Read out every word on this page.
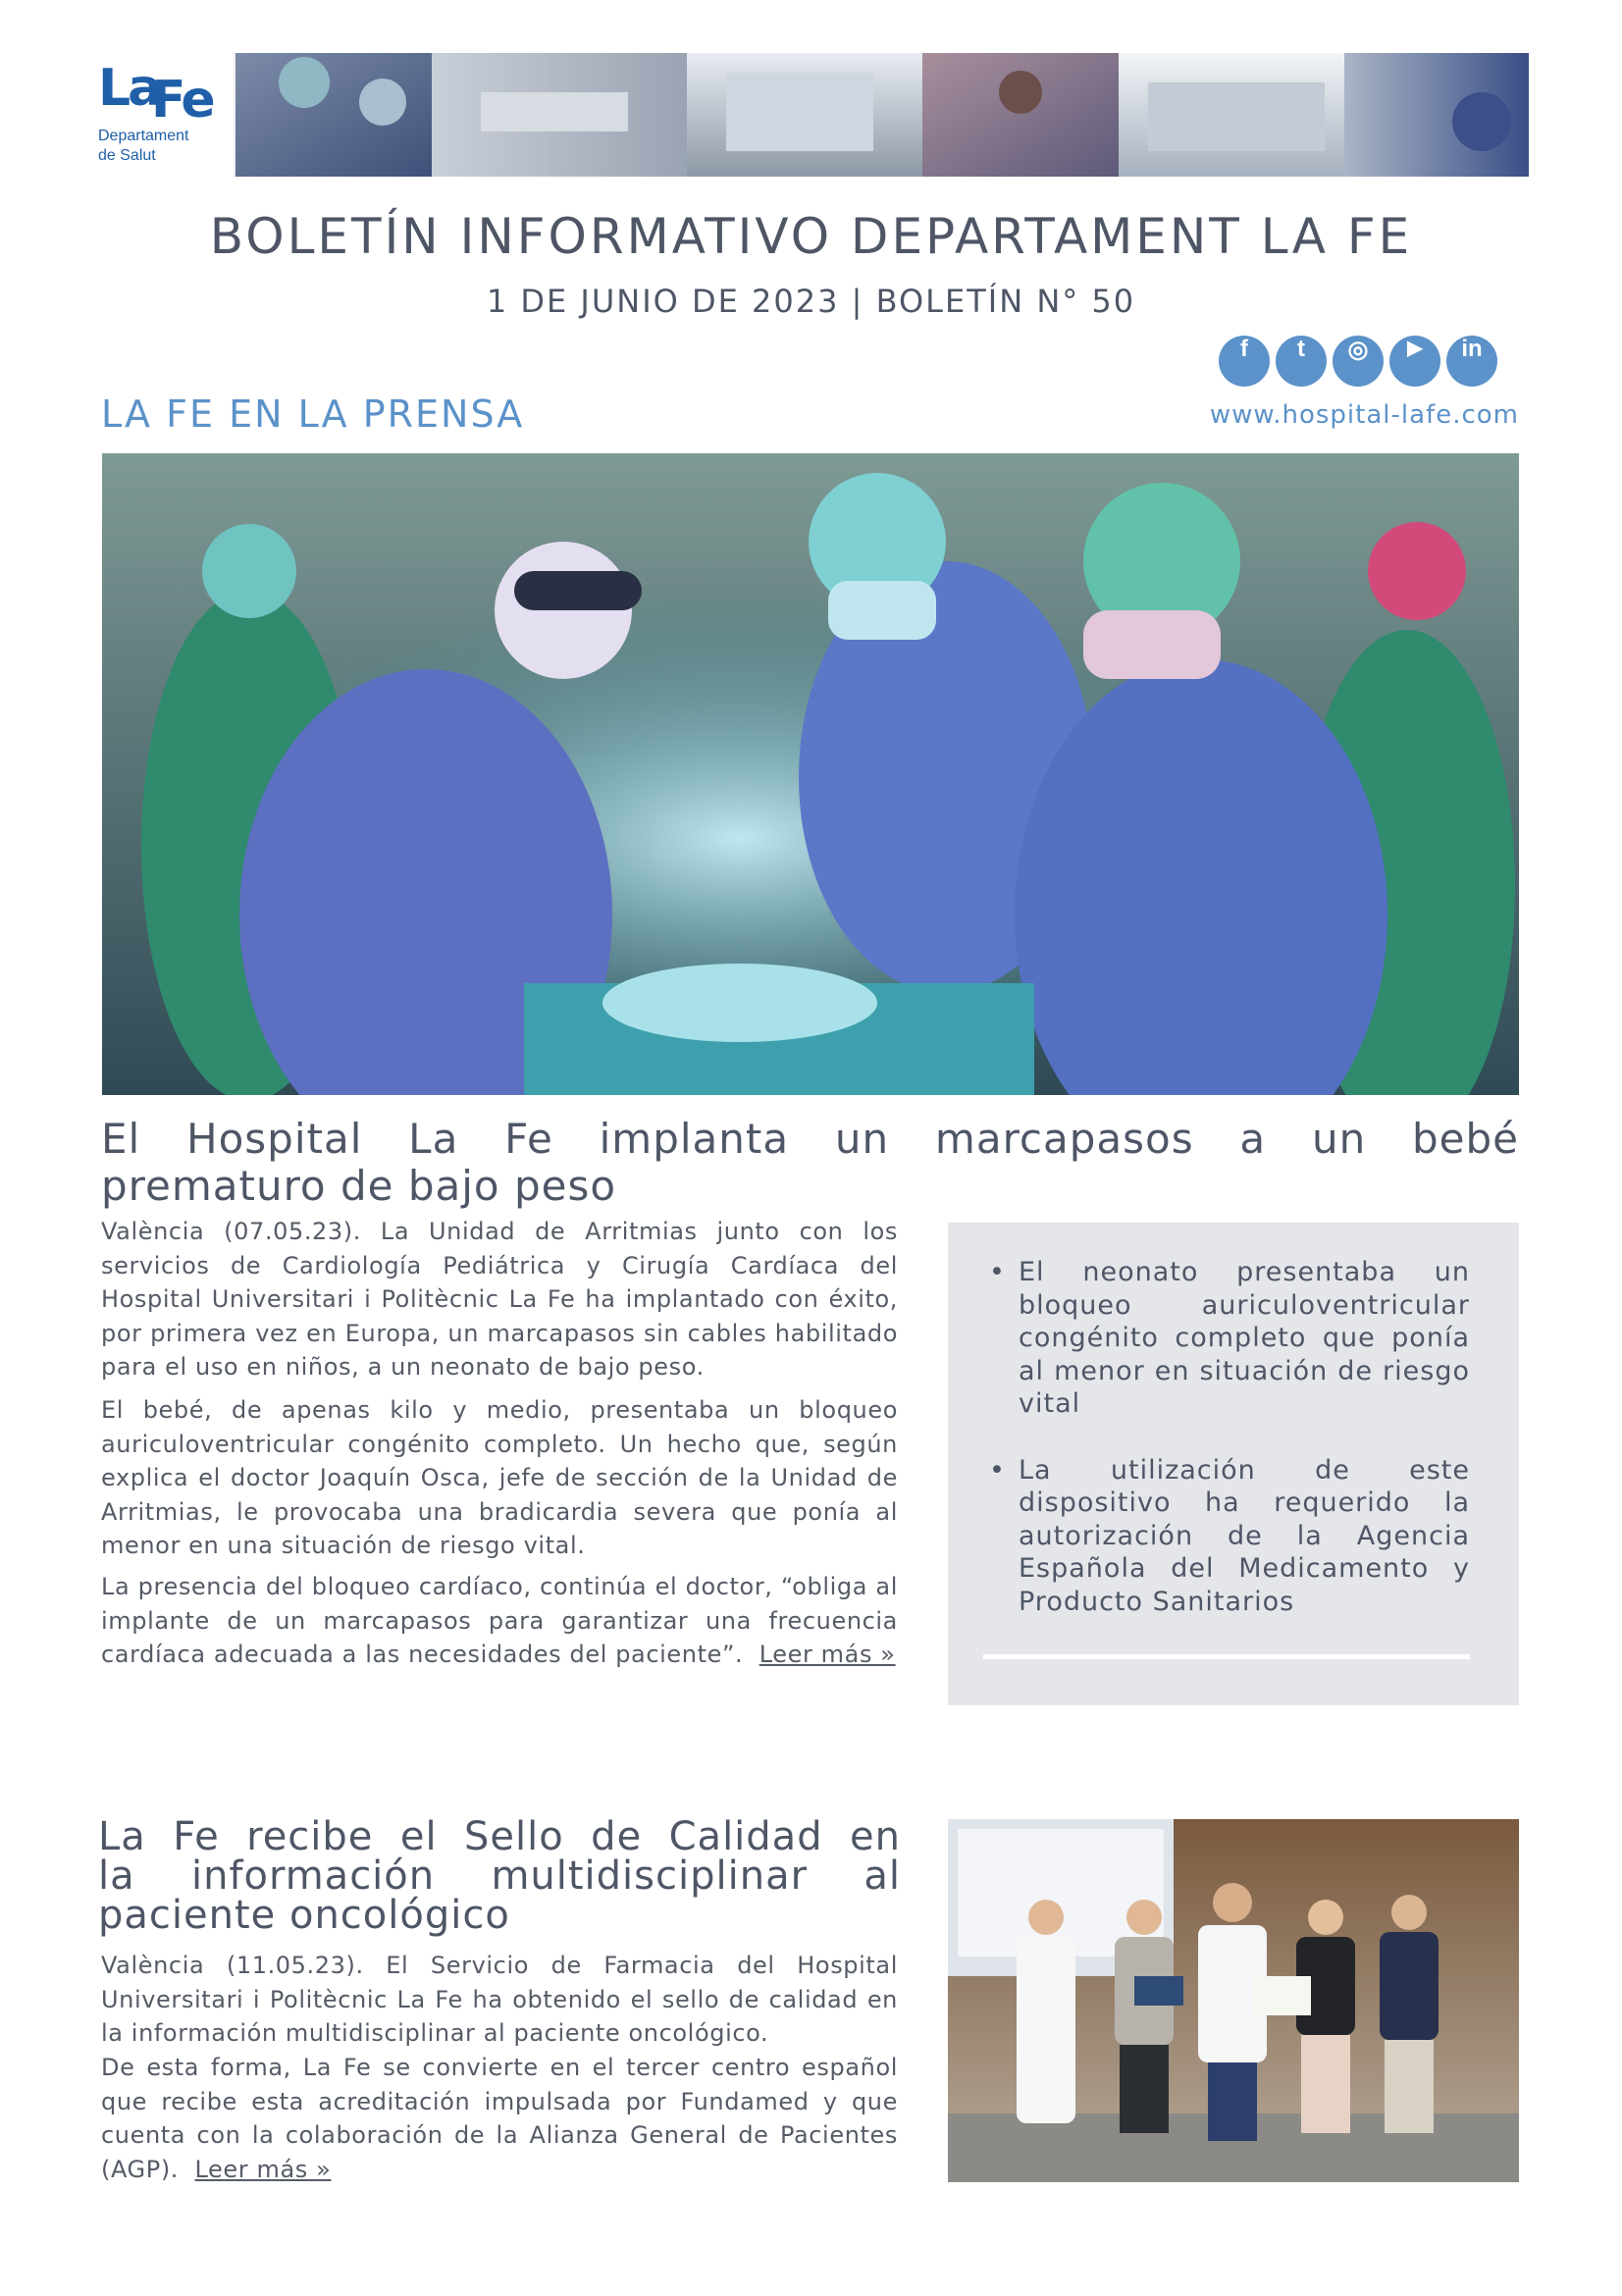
La
Fe
Departament
de Salut
BOLETÍN INFORMATIVO DEPARTAMENT LA FE
1 DE JUNIO DE 2023 | BOLETÍN N° 50
f	t	◎	▶	in
www.hospital-lafe.com
LA FE EN LA PRENSA
El Hospital La Fe implanta un marcapasos a un bebé
prematuro de bajo peso
València (07.05.23). La Unidad de Arritmias junto con los servicios de Cardiología Pediátrica y Cirugía Cardíaca del Hospital Universitari i Politècnic La Fe ha implantado con éxito, por primera vez en Europa, un marcapasos sin cables habilitado para el uso en niños, a un neonato de bajo peso.
El bebé, de apenas kilo y medio, presentaba un bloqueo auriculoventricular congénito completo. Un hecho que, según explica el doctor Joaquín Osca, jefe de sección de la Unidad de Arritmias, le provocaba una bradicardia severa que ponía al menor en una situación de riesgo vital.
La presencia del bloqueo cardíaco, continúa el doctor, “obliga al implante de un marcapasos para garantizar una frecuencia cardíaca adecuada a las necesidades del paciente”. Leer más »
• El neonato presentaba un bloqueo auriculoventricular congénito completo que ponía al menor en situación de riesgo vital
• La utilización de este dispositivo ha requerido la autorización de la Agencia Española del Medicamento y Producto Sanitarios
La Fe recibe el Sello de Calidad en
la información multidisciplinar al
paciente oncológico
València (11.05.23). El Servicio de Farmacia del Hospital Universitari i Politècnic La Fe ha obtenido el sello de calidad en la información multidisciplinar al paciente oncológico.
De esta forma, La Fe se convierte en el tercer centro español que recibe esta acreditación impulsada por Fundamed y que cuenta con la colaboración de la Alianza General de Pacientes (AGP). Leer más »
